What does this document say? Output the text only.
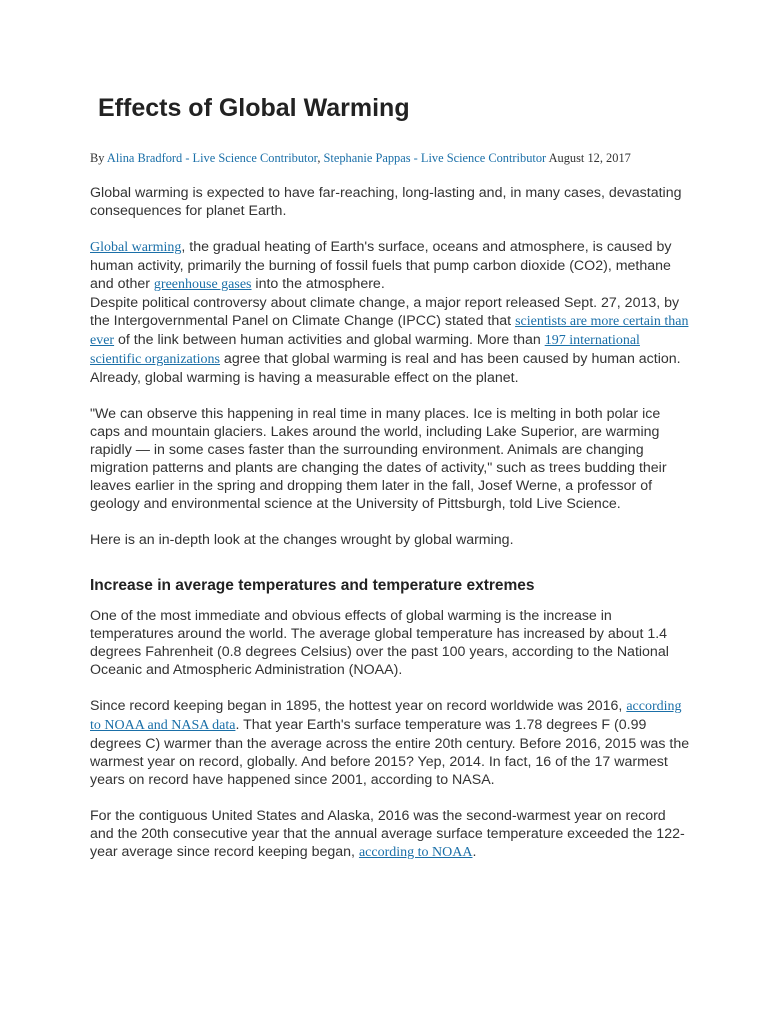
Effects of Global Warming

By Alina Bradford - Live Science Contributor, Stephanie Pappas - Live Science Contributor August 12, 2017

Global warming is expected to have far-reaching, long-lasting and, in many cases, devastating consequences for planet Earth.

Global warming, the gradual heating of Earth's surface, oceans and atmosphere, is caused by human activity, primarily the burning of fossil fuels that pump carbon dioxide (CO2), methane and other greenhouse gases into the atmosphere.

Despite political controversy about climate change, a major report released Sept. 27, 2013, by the Intergovernmental Panel on Climate Change (IPCC) stated that scientists are more certain than ever of the link between human activities and global warming. More than 197 international scientific organizations agree that global warming is real and has been caused by human action.

Already, global warming is having a measurable effect on the planet.

"We can observe this happening in real time in many places. Ice is melting in both polar ice caps and mountain glaciers. Lakes around the world, including Lake Superior, are warming rapidly — in some cases faster than the surrounding environment. Animals are changing migration patterns and plants are changing the dates of activity," such as trees budding their leaves earlier in the spring and dropping them later in the fall, Josef Werne, a professor of geology and environmental science at the University of Pittsburgh, told Live Science.

Here is an in-depth look at the changes wrought by global warming.

Increase in average temperatures and temperature extremes

One of the most immediate and obvious effects of global warming is the increase in temperatures around the world. The average global temperature has increased by about 1.4 degrees Fahrenheit (0.8 degrees Celsius) over the past 100 years, according to the National Oceanic and Atmospheric Administration (NOAA).

Since record keeping began in 1895, the hottest year on record worldwide was 2016, according to NOAA and NASA data. That year Earth's surface temperature was 1.78 degrees F (0.99 degrees C) warmer than the average across the entire 20th century. Before 2016, 2015 was the warmest year on record, globally. And before 2015? Yep, 2014. In fact, 16 of the 17 warmest years on record have happened since 2001, according to NASA.

For the contiguous United States and Alaska, 2016 was the second-warmest year on record and the 20th consecutive year that the annual average surface temperature exceeded the 122-year average since record keeping began, according to NOAA.
